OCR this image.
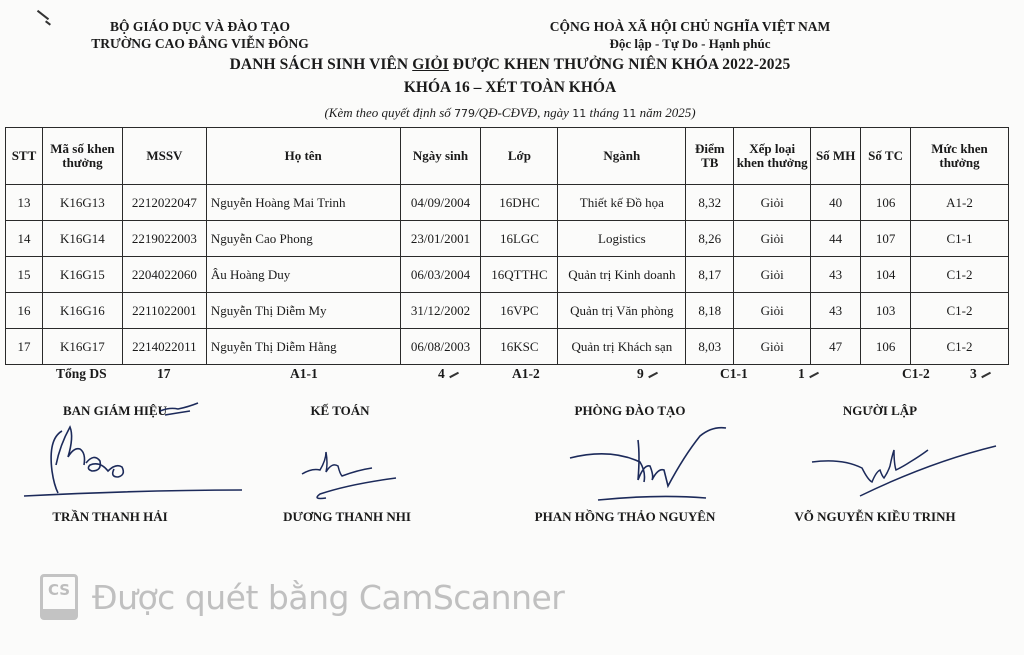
BỘ GIÁO DỤC VÀ ĐÀO TẠO
TRƯỜNG CAO ĐẲNG VIỄN ĐÔNG
CỘNG HOÀ XÃ HỘI CHỦ NGHĨA VIỆT NAM
Độc lập - Tự Do - Hạnh phúc
DANH SÁCH SINH VIÊN GIỎI ĐƯỢC KHEN THƯỞNG NIÊN KHÓA 2022-2025
KHÓA 16 – XÉT TOÀN KHÓA
(Kèm theo quyết định số 779/QĐ-CĐVĐ, ngày 11 tháng 11 năm 2025)
STT	Mã số khen thưởng	MSSV	Họ tên	Ngày sinh	Lớp	Ngành	Điểm TB	Xếp loại khen thưởng	Số MH	Số TC	Mức khen thưởng
13	K16G13	2212022047	Nguyễn Hoàng Mai Trinh	04/09/2004	16DHC	Thiết kế Đồ họa	8,32	Giỏi	40	106	A1-2
14	K16G14	2219022003	Nguyễn Cao Phong	23/01/2001	16LGC	Logistics	8,26	Giỏi	44	107	C1-1
15	K16G15	2204022060	Âu Hoàng Duy	06/03/2004	16QTTHC	Quản trị Kinh doanh	8,17	Giỏi	43	104	C1-2
16	K16G16	2211022001	Nguyễn Thị Diễm My	31/12/2002	16VPC	Quản trị Văn phòng	8,18	Giỏi	43	103	C1-2
17	K16G17	2214022011	Nguyễn Thị Diễm Hằng	06/08/2003	16KSC	Quản trị Khách sạn	8,03	Giỏi	47	106	C1-2
Tổng DS	17	A1-1	4	A1-2	9	C1-1	1	C1-2	3
BAN GIÁM HIỆU	KẾ TOÁN	PHÒNG ĐÀO TẠO	NGƯỜI LẬP
TRẦN THANH HẢI	DƯƠNG THANH NHI	PHAN HỒNG THẢO NGUYÊN	VÕ NGUYỄN KIỀU TRINH
CS Được quét bằng CamScanner
